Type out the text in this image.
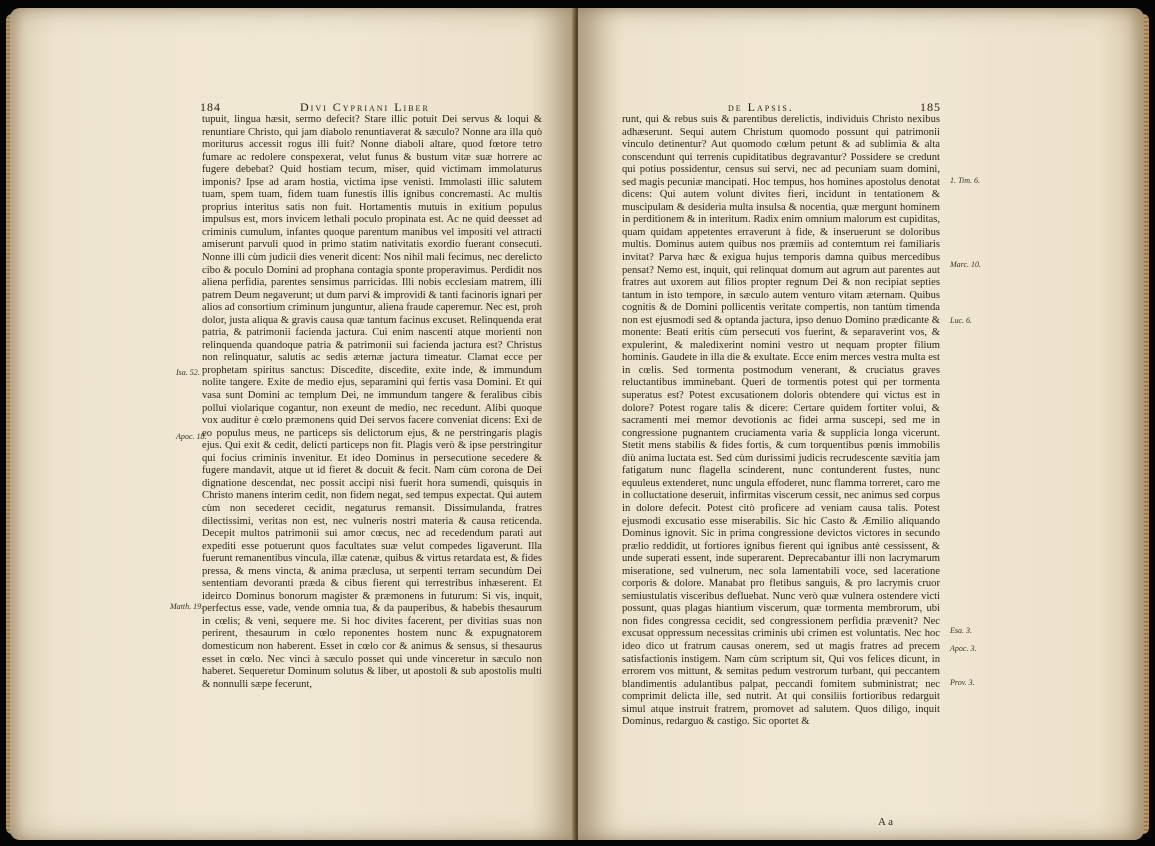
184	Divi Cypriani Liber

tupuit, lingua hæsit, sermo defecit? Stare illic potuit Dei servus & loqui & renuntiare Christo, qui jam diabolo renuntiaverat & sæculo? Nonne ara illa quò moriturus accessit rogus illi fuit? Nonne diaboli altare, quod fœtore tetro fumare ac redolere conspexerat, velut funus & bustum vitæ suæ horrere ac fugere debebat? Quid hostiam tecum, miser, quid victimam immolaturus imponis? Ipse ad aram hostia, victima ipse venisti. Immolasti illic salutem tuam, spem tuam, fidem tuam funestis illis ignibus concremasti. Ac multis proprius interitus satis non fuit. Hortamentis mutuis in exitium populus impulsus est, mors invicem lethali poculo propinata est. Ac ne quid deesset ad criminis cumulum, infantes quoque parentum manibus vel impositi vel attracti amiserunt parvuli quod in primo statim nativitatis exordio fuerant consecuti. Nonne illi cùm judicii dies venerit dicent: Nos nihil mali fecimus, nec derelicto cibo & poculo Domini ad prophana contagia sponte properavimus. Perdidit nos aliena perfidia, parentes sensimus parricidas. Illi nobis ecclesiam matrem, illi patrem Deum negaverunt; ut dum parvi & improvidi & tanti facinoris ignari per alios ad consortium criminum junguntur, aliena fraude caperemur. Nec est, proh dolor, justa aliqua & gravis causa quæ tantum facinus excuset. Relinquenda erat patria, & patrimonii facienda jactura. Cui enim nascenti atque morienti non relinquenda quandoque patria & patrimonii sui facienda jactura est? Christus non relinquatur, salutis ac sedis æternæ jactura timeatur. Clamat ecce per prophetam spiritus sanctus: Discedite, discedite, exite inde, & immundum nolite tangere. Exite de medio ejus, separamini qui fertis vasa Domini. Et qui vasa sunt Domini ac templum Dei, ne immundum tangere & feralibus cibis pollui violarique cogantur, non exeunt de medio, nec recedunt. Alibi quoque vox auditur è cœlo præmonens quid Dei servos facere conveniat dicens: Exi de eo populus meus, ne particeps sis delictorum ejus, & ne perstringaris plagis ejus. Qui exit & cedit, delicti particeps non fit. Plagis verò & ipse perstringitur qui focius criminis invenitur. Et ideo Dominus in persecutione secedere & fugere mandavit, atque ut id fieret & docuit & fecit. Nam cùm corona de Dei dignatione descendat, nec possit accipi nisi fuerit hora sumendi, quisquis in Christo manens interim cedit, non fidem negat, sed tempus expectat. Qui autem cùm non secederet cecidit, negaturus remansit. Dissimulanda, fratres dilectissimi, veritas non est, nec vulneris nostri materia & causa reticenda. Decepit multos patrimonii sui amor cœcus, nec ad recedendum parati aut expediti esse potuerunt quos facultates suæ velut compedes ligaverunt. Illa fuerunt remanentibus vincula, illæ catenæ, quibus & virtus retardata est, & fides pressa, & mens vincta, & anima præclusa, ut serpenti terram secundùm Dei sententiam devoranti præda & cibus fierent qui terrestribus inhæserent. Et ideirco Dominus bonorum magister & præmonens in futurum: Si vis, inquit, perfectus esse, vade, vende omnia tua, & da pauperibus, & habebis thesaurum in cœlis; & veni, sequere me. Si hoc divites facerent, per divitias suas non perirent, thesaurum in cœlo reponentes hostem nunc & expugnatorem domesticum non haberent. Esset in cœlo cor & animus & sensus, si thesaurus esset in cœlo. Nec vinci à sæculo posset qui unde vinceretur in sæculo non haberet. Sequeretur Dominum solutus & liber, ut apostoli & sub apostolis multi & nonnulli sæpe fecerunt,

Isa. 52.
Apoc. 18.
Matth. 19.
de Lapsis.	185

runt, qui & rebus suis & parentibus derelictis, individuis Christo nexibus adhæserunt. Sequi autem Christum quomodo possunt qui patrimonii vinculo detinentur? Aut quomodo cœlum petunt & ad sublimia & alta conscendunt qui terrenis cupiditatibus degravantur? Possidere se credunt qui potius possidentur, census sui servi, nec ad pecuniam suam domini, sed magis pecuniæ mancipati. Hoc tempus, hos homines apostolus denotat dicens: Qui autem volunt divites fieri, incidunt in tentationem & muscipulam & desideria multa insulsa & nocentia, quæ mergunt hominem in perditionem & in interitum. Radix enim omnium malorum est cupiditas, quam quidam appetentes erraverunt à fide, & inseruerunt se doloribus multis. Dominus autem quibus nos præmiis ad contemtum rei familiaris invitat? Parva hæc & exigua hujus temporis damna quibus mercedibus pensat? Nemo est, inquit, qui relinquat domum aut agrum aut parentes aut fratres aut uxorem aut filios propter regnum Dei & non recipiat septies tantum in isto tempore, in sæculo autem venturo vitam æternam. Quibus cognitis & de Domini pollicentis veritate compertis, non tantùm timenda non est ejusmodi sed & optanda jactura, ipso denuo Domino prædicante & monente: Beati eritis cùm persecuti vos fuerint, & separaverint vos, & expulerint, & maledixerint nomini vestro ut nequam propter filium hominis. Gaudete in illa die & exultate. Ecce enim merces vestra multa est in cœlis. Sed tormenta postmodum venerant, & cruciatus graves reluctantibus imminebant. Queri de tormentis potest qui per tormenta superatus est? Potest excusationem doloris obtendere qui victus est in dolore? Potest rogare talis & dicere: Certare quidem fortiter volui, & sacramenti mei memor devotionis ac fidei arma suscepi, sed me in congressione pugnantem cruciamenta varia & supplicia longa vicerunt. Stetit mens stabilis & fides fortis, & cum torquentibus pœnis immobilis diù anima luctata est. Sed cùm durissimi judicis recrudescente sævitia jam fatigatum nunc flagella scinderent, nunc contunderent fustes, nunc equuleus extenderet, nunc ungula effoderet, nunc flamma torreret, caro me in colluctatione deseruit, infirmitas viscerum cessit, nec animus sed corpus in dolore defecit. Potest citò proficere ad veniam causa talis. Potest ejusmodi excusatio esse miserabilis. Sic hic Casto & Æmilio aliquando Dominus ignovit. Sic in prima congressione devictos victores in secundo prælio reddidit, ut fortiores ignibus fierent qui ignibus antè cessissent, & unde superati essent, inde superarent. Deprecabantur illi non lacrymarum miseratione, sed vulnerum, nec sola lamentabili voce, sed laceratione corporis & dolore. Manabat pro fletibus sanguis, & pro lacrymis cruor semiustulatis visceribus defluebat. Nunc verò quæ vulnera ostendere victi possunt, quas plagas hiantium viscerum, quæ tormenta membrorum, ubi non fides congressa cecidit, sed congressionem perfidia prævenit? Nec excusat oppressum necessitas criminis ubi crimen est voluntatis. Nec hoc ideo dico ut fratrum causas onerem, sed ut magis fratres ad precem satisfactionis instigem. Nam cùm scriptum sit, Qui vos felices dicunt, in errorem vos mittunt, & semitas pedum vestrorum turbant, qui peccantem blandimentis adulantibus palpat, peccandi fomitem subministrat; nec comprimit delicta ille, sed nutrit. At qui consiliis fortioribus redarguit simul atque instruit fratrem, promovet ad salutem. Quos diligo, inquit Dominus, redarguo & castigo. Sic oportet &

1. Tim. 6.
Marc. 10.
Luc. 6.
Esa. 3.
Apoc. 3.
Prov. 3.
A a
